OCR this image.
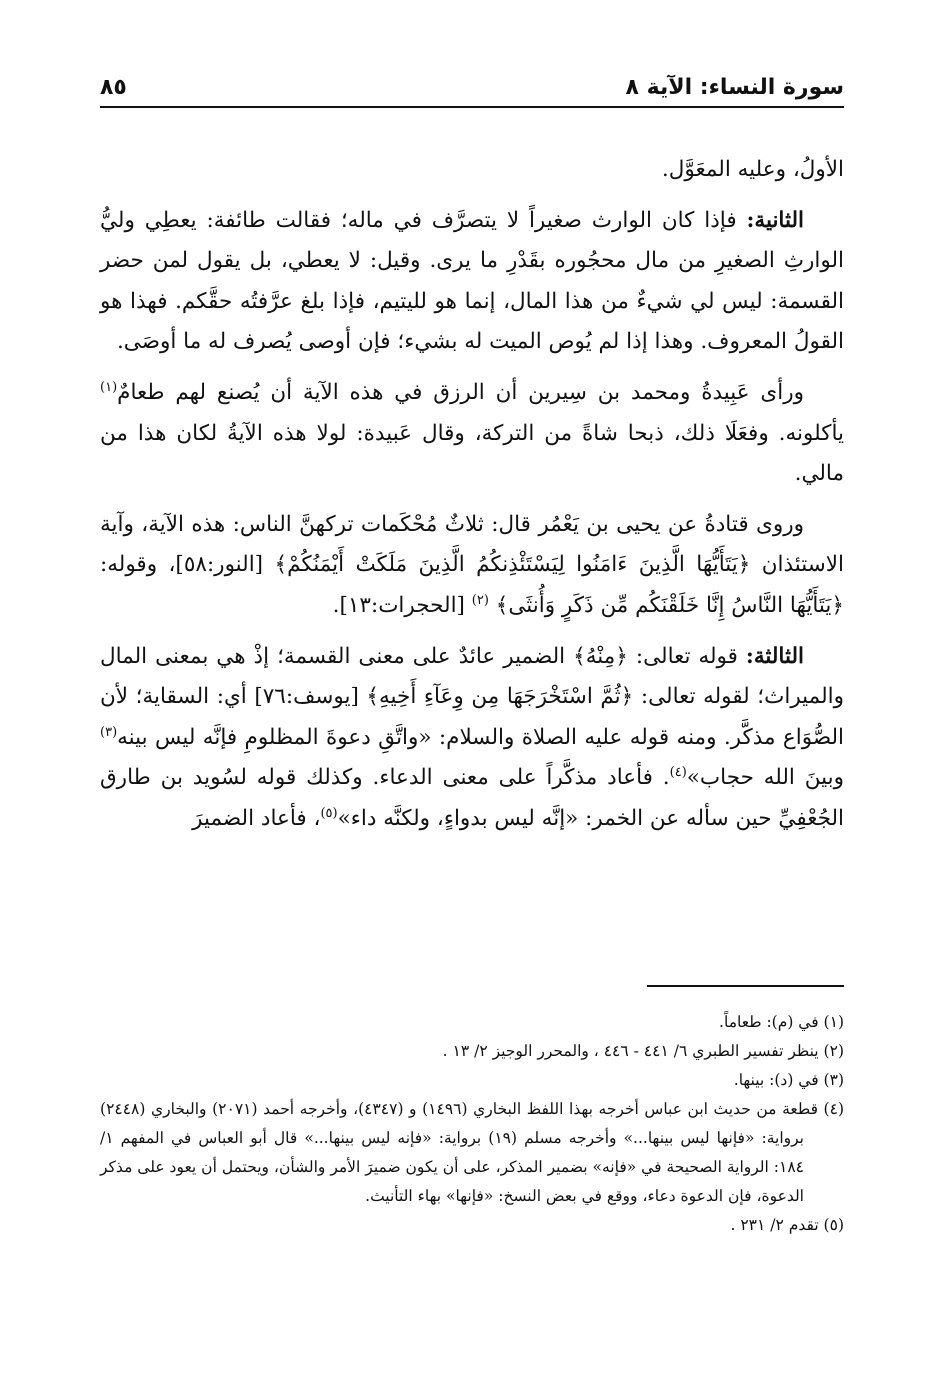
سورة النساء: الآية ٨
٨٥

الأولُ، وعليه المعَوَّل.

الثانية: فإذا كان الوارث صغيراً لا يتصرَّف في ماله؛ فقالت طائفة: يعطِي وليُّ الوارثِ الصغيرِ من مال محجُوره بقَدْرِ ما يرى. وقيل: لا يعطي، بل يقول لمن حضر القسمة: ليس لي شيءٌ من هذا المال، إنما هو لليتيم، فإذا بلغ عرَّفتُه حقَّكم. فهذا هو القولُ المعروف. وهذا إذا لم يُوص الميت له بشيء؛ فإن أوصى يُصرف له ما أوصَى.

ورأى عَبِيدةُ ومحمد بن سِيرين أن الرزق في هذه الآية أن يُصنع لهم طعامٌ$^{(١)}$ يأكلونه. وفعَلَا ذلك، ذبحا شاةً من التركة، وقال عَبيدة: لولا هذه الآيةُ لكان هذا من مالي.

وروى قتادةُ عن يحيى بن يَعْمُر قال: ثلاثٌ مُحْكَمات تركهنَّ الناس: هذه الآية، وآية الاستئذان ﴿يَتَأَيُّهَا الَّذِينَ ءَامَنُوا لِيَسْتَئْذِنكُمُ الَّذِينَ مَلَكَتْ أَيْمَنُكُمْ﴾ [النور:٥٨]، وقوله: ﴿يَتَأَيُّهَا النَّاسُ إِنَّا خَلَقْنَكُم مِّن ذَكَرٍ وَأُنثَى﴾ $^{(٢)}$ [الحجرات:١٣].

الثالثة: قوله تعالى: ﴿مِنْهُ﴾ الضمير عائدٌ على معنى القسمة؛ إذْ هي بمعنى المال والميراث؛ لقوله تعالى: ﴿ثُمَّ اسْتَخْرَجَهَا مِن وِعَآءِ أَخِيهِ﴾ [يوسف:٧٦] أي: السقاية؛ لأن الصُّوَاع مذكَّر. ومنه قوله عليه الصلاة والسلام: «واتَّقِ دعوةَ المظلومِ فإنَّه ليس بينه$^{(٣)}$ وبينَ الله حجاب»$^{(٤)}$. فأعاد مذكَّراً على معنى الدعاء. وكذلك قوله لسُويد بن طارق الجُعْفِيِّ حين سأله عن الخمر: «إنَّه ليس بدواءٍ، ولكنَّه داء»$^{(٥)}$، فأعاد الضميرَ

(١) في (م): طعاماً.

(٢) ينظر تفسير الطبري ٦/ ٤٤١ - ٤٤٦ ، والمحرر الوجيز ٢/ ١٣ .

(٣) في (د): بينها.

(٤) قطعة من حديث ابن عباس أخرجه بهذا اللفظ البخاري (١٤٩٦) و (٤٣٤٧)، وأخرجه أحمد (٢٠٧١) والبخاري (٢٤٤٨) برواية: «فإنها ليس بينها...» وأخرجه مسلم (١٩) برواية: «فإنه ليس بينها...» قال أبو العباس في المفهم ١/ ١٨٤: الرواية الصحيحة في «فإنه» بضمير المذكر، على أن يكون ضميرَ الأمر والشأن، ويحتمل أن يعود على مذكر الدعوة، فإن الدعوة دعاء، ووقع في بعض النسخ: «فإنها» بهاء التأنيث.

(٥) تقدم ٢/ ٢٣١ .
